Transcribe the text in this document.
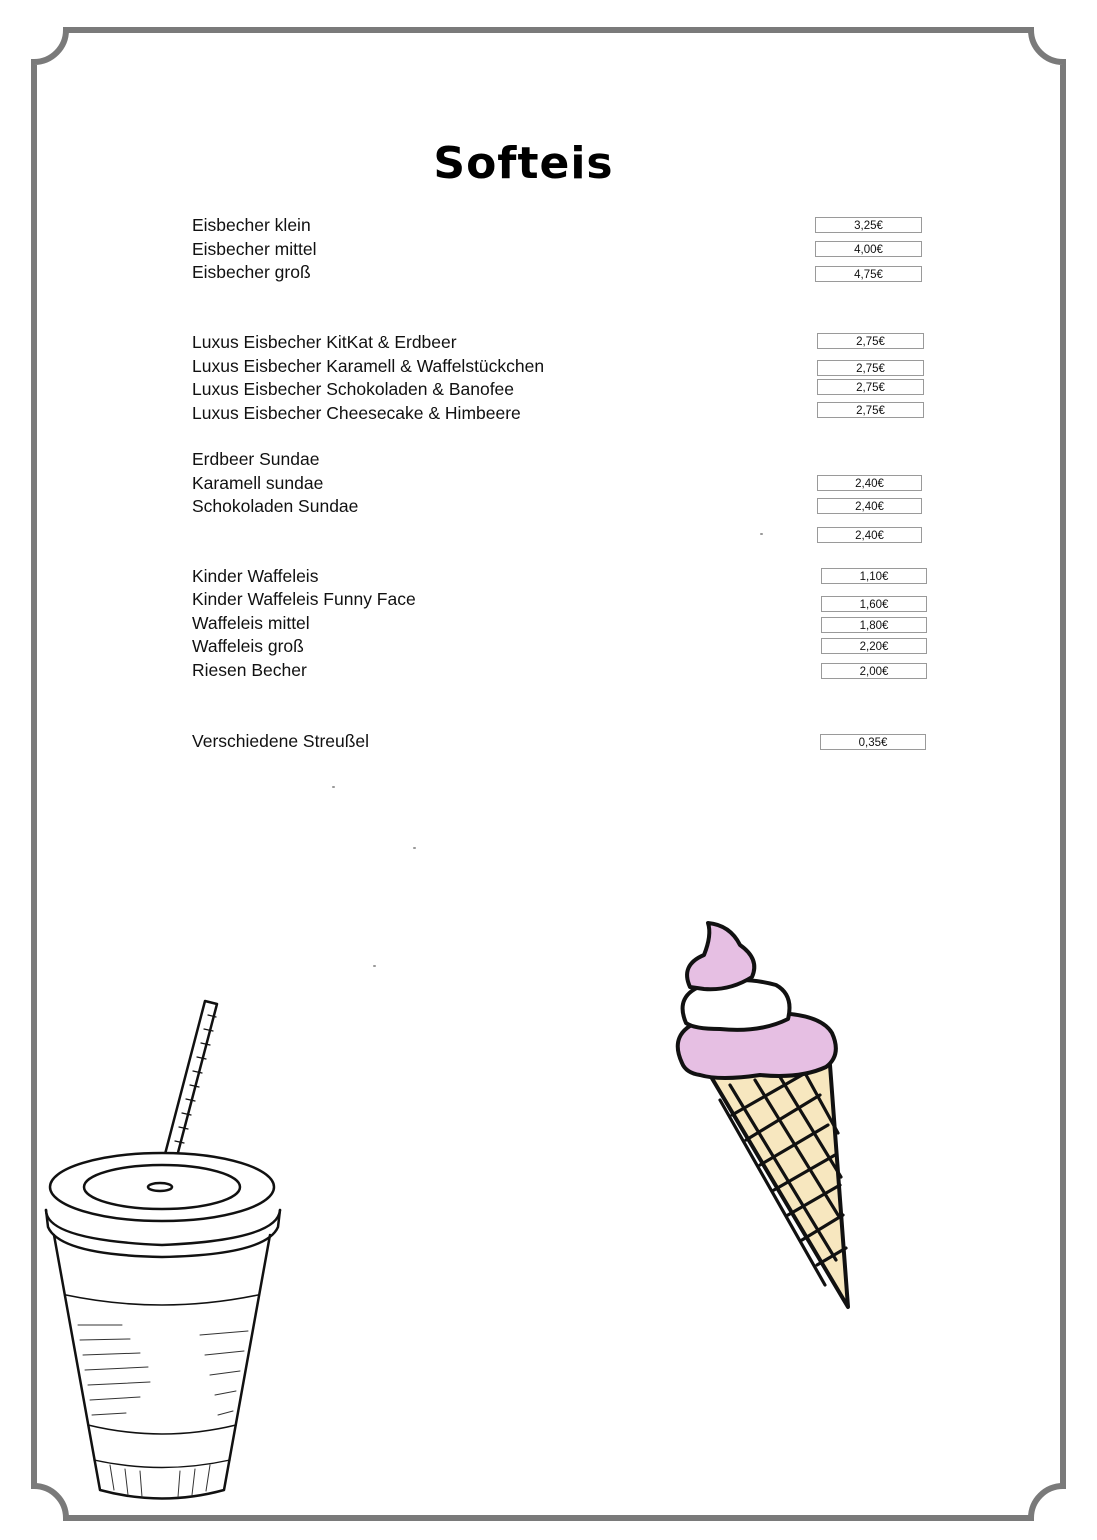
Softeis
Eisbecher klein
Eisbecher mittel
Eisbecher groß
Luxus Eisbecher KitKat & Erdbeer
Luxus Eisbecher Karamell & Waffelstückchen
Luxus Eisbecher Schokoladen & Banofee
Luxus Eisbecher Cheesecake & Himbeere
Erdbeer Sundae
Karamell sundae
Schokoladen Sundae
Kinder Waffeleis
Kinder Waffeleis Funny Face
Waffeleis mittel
Waffeleis groß
Riesen Becher
Verschiedene Streußel
3,25€
4,00€
4,75€
2,75€
2,75€
2,75€
2,75€
2,40€
2,40€
2,40€
1,10€
1,60€
1,80€
2,20€
2,00€
0,35€
